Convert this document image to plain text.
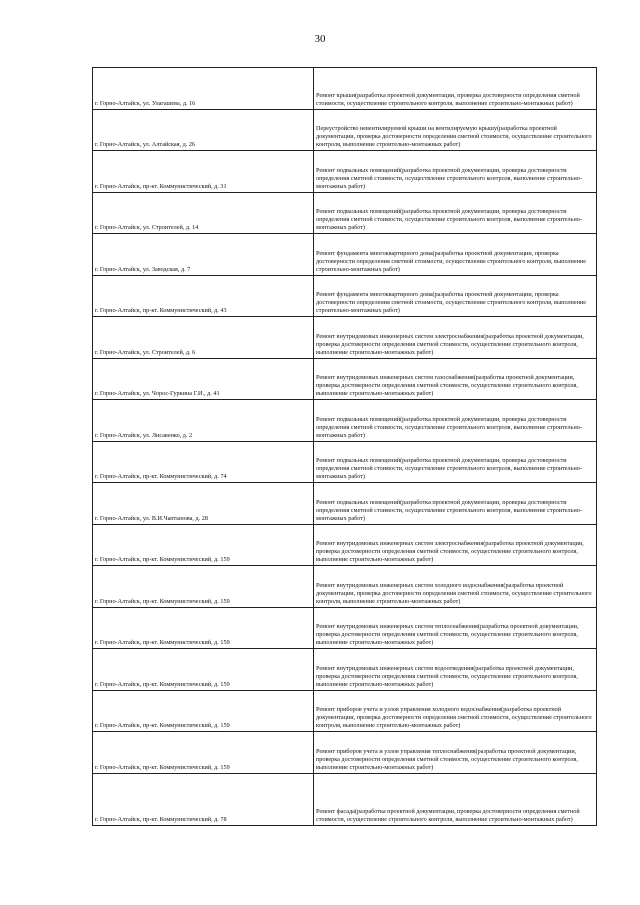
30
г. Горно-Алтайск, ул. Улагашева, д. 16	Ремонт крыши(разработка проектной документации, проверка достоверности определения сметной стоимости, осуществление строительного контроля, выполнение строительно-монтажных работ)
г. Горно-Алтайск, ул. Алтайская, д. 26	Переустройство невентилируемой крыши на вентилируемую крышу(разработка проектной документации, проверка достоверности определения сметной стоимости, осуществление строительного контроля, выполнение строительно-монтажных работ)
г. Горно-Алтайск, пр-кт. Коммунистический, д. 31	Ремонт подвальных помещений(разработка проектной документации, проверка достоверности определения сметной стоимости, осуществление строительного контроля, выполнение строительно-монтажных работ)
г. Горно-Алтайск, ул. Строителей, д. 14	Ремонт подвальных помещений(разработка проектной документации, проверка достоверности определения сметной стоимости, осуществление строительного контроля, выполнение строительно-монтажных работ)
г. Горно-Алтайск, ул. Заводская, д. 7	Ремонт фундамента многоквартирного дома(разработка проектной документации, проверка достоверности определения сметной стоимости, осуществление строительного контроля, выполнение строительно-монтажных работ)
г. Горно-Алтайск, пр-кт. Коммунистический, д. 43	Ремонт фундамента многоквартирного дома(разработка проектной документации, проверка достоверности определения сметной стоимости, осуществление строительного контроля, выполнение строительно-монтажных работ)
г. Горно-Алтайск, ул. Строителей, д. 6	Ремонт внутридомовых инженерных систем электроснабжения(разработка проектной документации, проверка достоверности определения сметной стоимости, осуществление строительного контроля, выполнение строительно-монтажных работ)
г. Горно-Алтайск, ул. Чорос-Гуркина Г.И., д. 41	Ремонт внутридомовых инженерных систем газоснабжения(разработка проектной документации, проверка достоверности определения сметной стоимости, осуществление строительного контроля, выполнение строительно-монтажных работ)
г. Горно-Алтайск, ул. Лисавенко, д. 2	Ремонт подвальных помещений(разработка проектной документации, проверка достоверности определения сметной стоимости, осуществление строительного контроля, выполнение строительно-монтажных работ)
г. Горно-Алтайск, пр-кт. Коммунистический, д. 74	Ремонт подвальных помещений(разработка проектной документации, проверка достоверности определения сметной стоимости, осуществление строительного контроля, выполнение строительно-монтажных работ)
г. Горно-Алтайск, ул. В.И.Чаптынова, д. 28	Ремонт подвальных помещений(разработка проектной документации, проверка достоверности определения сметной стоимости, осуществление строительного контроля, выполнение строительно-монтажных работ)
г. Горно-Алтайск, пр-кт. Коммунистический, д. 159	Ремонт внутридомовых инженерных систем электроснабжения(разработка проектной документации, проверка достоверности определения сметной стоимости, осуществление строительного контроля, выполнение строительно-монтажных работ)
г. Горно-Алтайск, пр-кт. Коммунистический, д. 159	Ремонт внутридомовых инженерных систем холодного водоснабжения(разработка проектной документации, проверка достоверности определения сметной стоимости, осуществление строительного контроля, выполнение строительно-монтажных работ)
г. Горно-Алтайск, пр-кт. Коммунистический, д. 159	Ремонт внутридомовых инженерных систем теплоснабжения(разработка проектной документации, проверка достоверности определения сметной стоимости, осуществление строительного контроля, выполнение строительно-монтажных работ)
г. Горно-Алтайск, пр-кт. Коммунистический, д. 159	Ремонт внутридомовых инженерных систем водоотведения(разработка проектной документации, проверка достоверности определения сметной стоимости, осуществление строительного контроля, выполнение строительно-монтажных работ)
г. Горно-Алтайск, пр-кт. Коммунистический, д. 159	Ремонт приборов учета и узлов управления холодного водоснабжения(разработка проектной документации, проверка достоверности определения сметной стоимости, осуществление строительного контроля, выполнение строительно-монтажных работ)
г. Горно-Алтайск, пр-кт. Коммунистический, д. 159	Ремонт приборов учета и узлов управления теплоснабжения(разработка проектной документации, проверка достоверности определения сметной стоимости, осуществление строительного контроля, выполнение строительно-монтажных работ)
г. Горно-Алтайск, пр-кт. Коммунистический, д. 78	Ремонт фасада(разработка проектной документации, проверка достоверности определения сметной стоимости, осуществление строительного контроля, выполнение строительно-монтажных работ)
